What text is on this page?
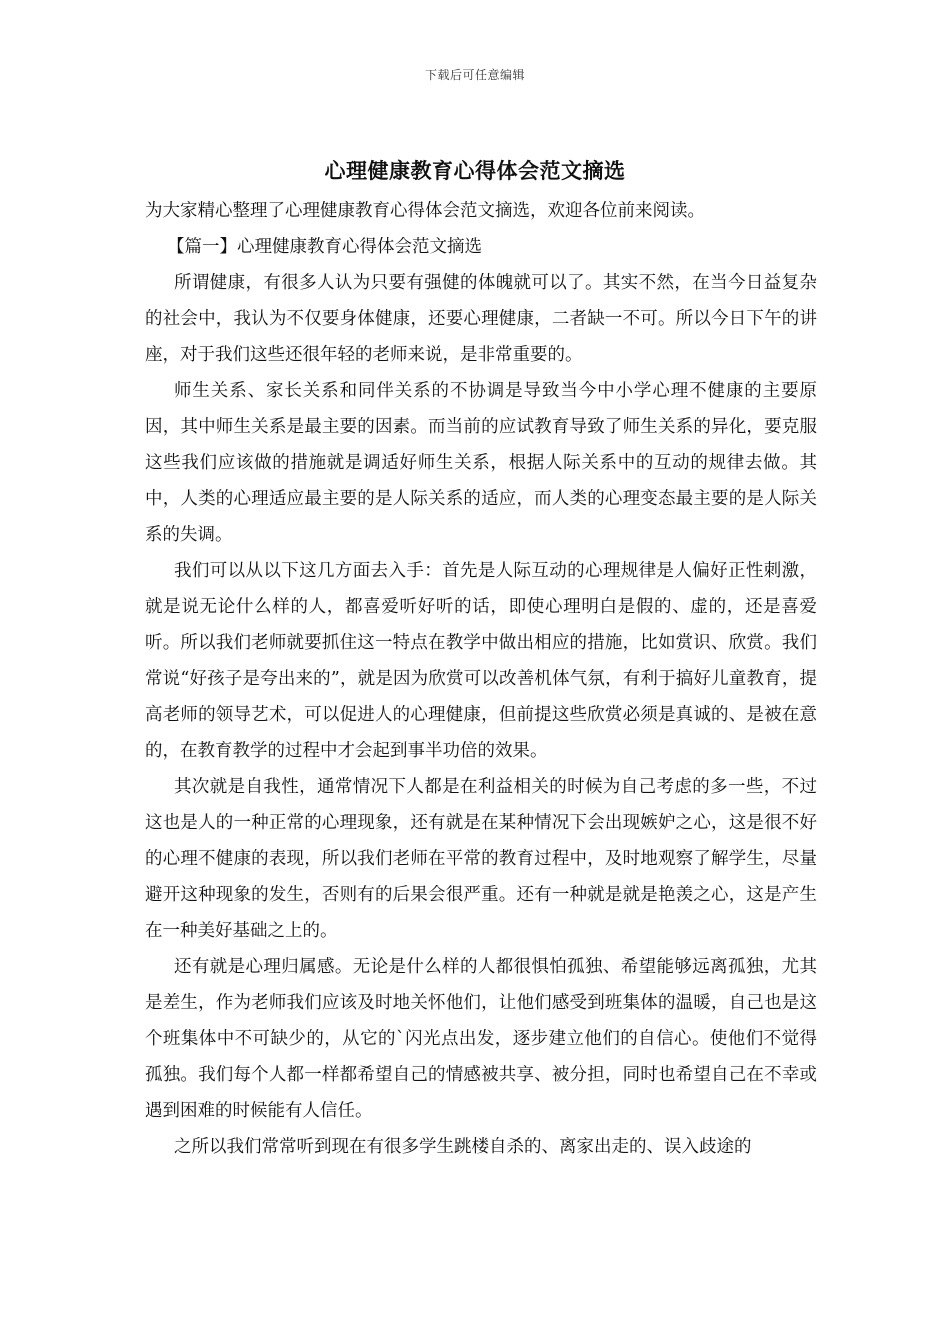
下载后可任意编辑
心理健康教育心得体会范文摘选

为大家精心整理了心理健康教育心得体会范文摘选，欢迎各位前来阅读。

【篇一】心理健康教育心得体会范文摘选

所谓健康，有很多人认为只要有强健的体魄就可以了。其实不然，在当今日益复杂的社会中，我认为不仅要身体健康，还要心理健康，二者缺一不可。所以今日下午的讲座，对于我们这些还很年轻的老师来说，是非常重要的。

师生关系、家长关系和同伴关系的不协调是导致当今中小学心理不健康的主要原因，其中师生关系是最主要的因素。而当前的应试教育导致了师生关系的异化，要克服这些我们应该做的措施就是调适好师生关系，根据人际关系中的互动的规律去做。其中，人类的心理适应最主要的是人际关系的适应，而人类的心理变态最主要的是人际关系的失调。

我们可以从以下这几方面去入手：首先是人际互动的心理规律是人偏好正性刺激，就是说无论什么样的人，都喜爱听好听的话，即使心理明白是假的、虚的，还是喜爱听。所以我们老师就要抓住这一特点在教学中做出相应的措施，比如赏识、欣赏。我们常说“好孩子是夸出来的”，就是因为欣赏可以改善机体气氛，有利于搞好儿童教育，提高老师的领导艺术，可以促进人的心理健康，但前提这些欣赏必须是真诚的、是被在意的，在教育教学的过程中才会起到事半功倍的效果。

其次就是自我性，通常情况下人都是在利益相关的时候为自己考虑的多一些，不过这也是人的一种正常的心理现象，还有就是在某种情况下会出现嫉妒之心，这是很不好的心理不健康的表现，所以我们老师在平常的教育过程中，及时地观察了解学生，尽量避开这种现象的发生，否则有的后果会很严重。还有一种就是就是艳羡之心，这是产生在一种美好基础之上的。

还有就是心理归属感。无论是什么样的人都很惧怕孤独、希望能够远离孤独，尤其是差生，作为老师我们应该及时地关怀他们，让他们感受到班集体的温暖，自己也是这个班集体中不可缺少的，从它的`闪光点出发，逐步建立他们的自信心。使他们不觉得孤独。我们每个人都一样都希望自己的情感被共享、被分担，同时也希望自己在不幸或遇到困难的时候能有人信任。

之所以我们常常听到现在有很多学生跳楼自杀的、离家出走的、误入歧途的
